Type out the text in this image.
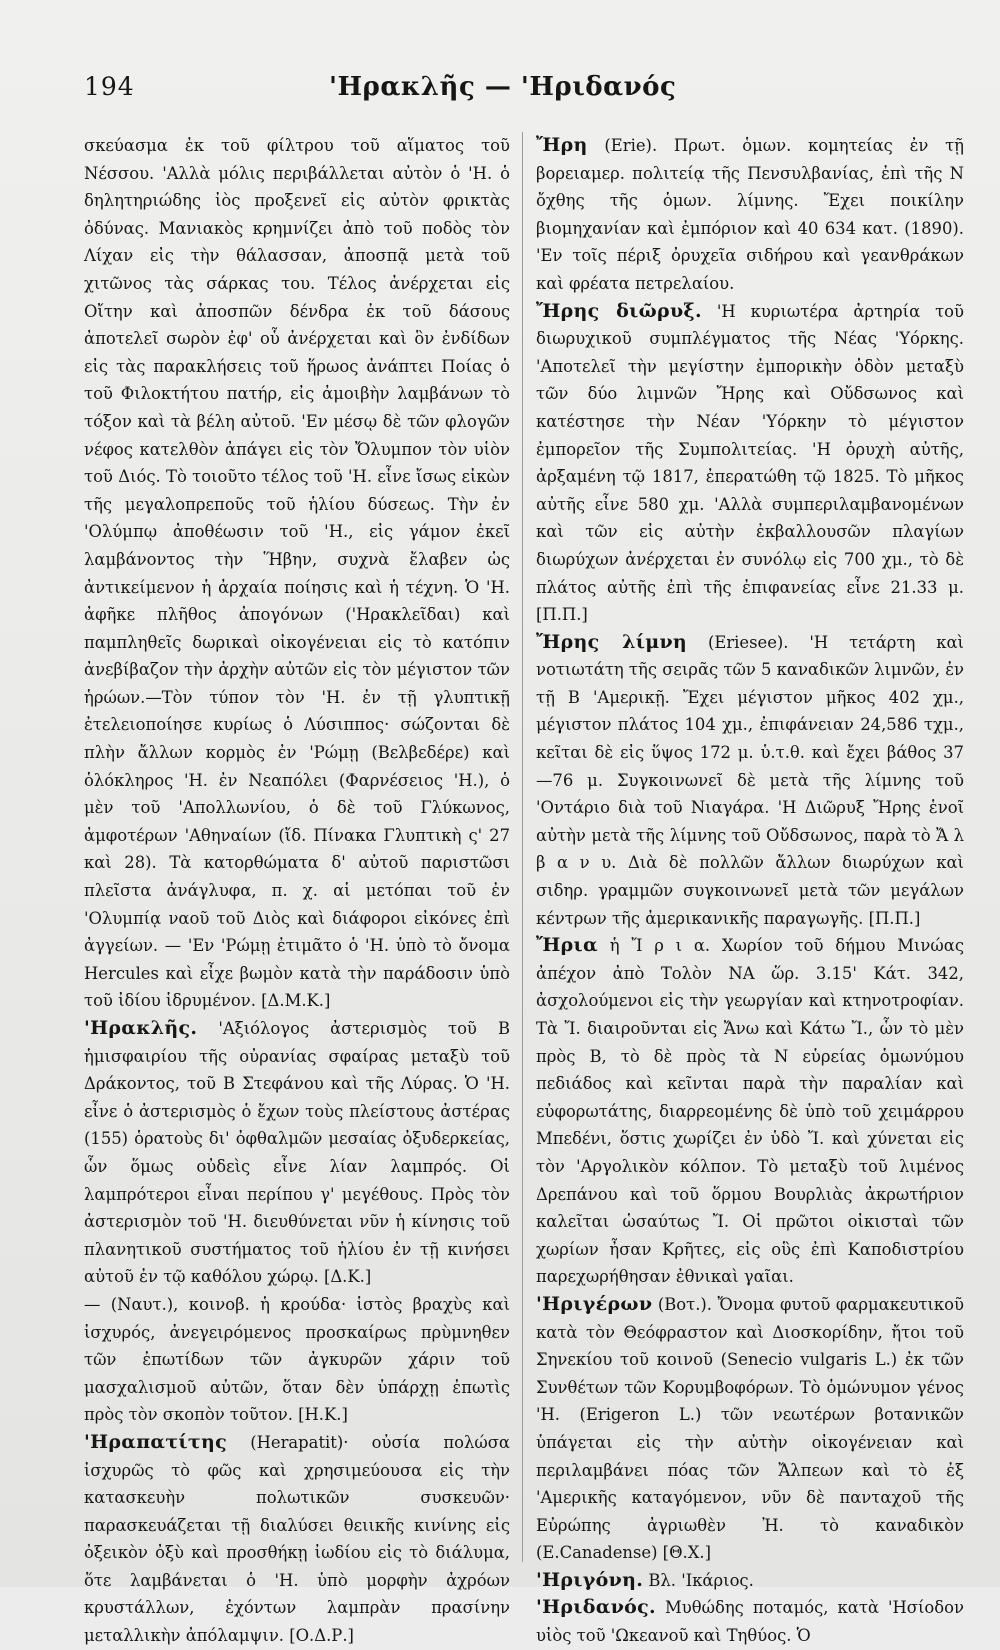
194	'Ηρακλῆς — 'Ηριδανός

σκεύασμα ἐκ τοῦ φίλτρου τοῦ αἵματος τοῦ Νέσσου. 'Αλλὰ μόλις περιβάλλεται αὐτὸν ὁ 'Η. ὁ δηλητηριώδης ἰὸς προξενεῖ εἰς αὐτὸν φρικτὰς ὀδύνας. Μανιακὸς κρημνίζει ἀπὸ τοῦ ποδὸς τὸν Λίχαν εἰς τὴν θάλασσαν, ἀποσπᾷ μετὰ τοῦ χιτῶνος τὰς σάρκας του. Τέλος ἀνέρχεται εἰς Οἴτην καὶ ἀποσπῶν δένδρα ἐκ τοῦ δάσους ἀποτελεῖ σωρὸν ἐφ' οὗ ἀνέρχεται καὶ ὃν ἐνδίδων εἰς τὰς παρακλήσεις τοῦ ἥρωος ἀνάπτει Ποίας ὁ τοῦ Φιλοκτήτου πατήρ, εἰς ἀμοιβὴν λαμβάνων τὸ τόξον καὶ τὰ βέλη αὐτοῦ. 'Εν μέσῳ δὲ τῶν φλογῶν νέφος κατελθὸν ἀπάγει εἰς τὸν Ὄλυμπον τὸν υἱὸν τοῦ Διός. Τὸ τοιοῦτο τέλος τοῦ 'Η. εἶνε ἴσως εἰκὼν τῆς μεγαλοπρεποῦς τοῦ ἡλίου δύσεως. Τὴν ἐν 'Ολύμπῳ ἀποθέωσιν τοῦ 'Η., εἰς γάμον ἐκεῖ λαμβάνοντος τὴν Ἥβην, συχνὰ ἔλαβεν ὡς ἀντικείμενον ἡ ἀρχαία ποίησις καὶ ἡ τέχνη. Ὁ 'Η. ἀφῆκε πλῆθος ἀπογόνων ('Ηρακλεῖδαι) καὶ παμπληθεῖς δωρικαὶ οἰκογένειαι εἰς τὸ κατόπιν ἀνεβίβαζον τὴν ἀρχὴν αὐτῶν εἰς τὸν μέγιστον τῶν ἡρώων.—Τὸν τύπον τὸν 'Η. ἐν τῇ γλυπτικῇ ἐτελειοποίησε κυρίως ὁ Λύσιππος· σώζονται δὲ πλὴν ἄλλων κορμὸς ἐν 'Ρώμῃ (Βελβεδέρε) καὶ ὁλόκληρος 'Η. ἐν Νεαπόλει (Φαρνέσειος 'Η.), ὁ μὲν τοῦ 'Απολλωνίου, ὁ δὲ τοῦ Γλύκωνος, ἀμφοτέρων 'Αθηναίων (ἴδ. Πίνακα Γλυπτικὴ ς' 27 καὶ 28). Τὰ κατορθώματα δ' αὐτοῦ παριστῶσι πλεῖστα ἀνάγλυφα, π. χ. αἱ μετόπαι τοῦ ἐν 'Ολυμπίᾳ ναοῦ τοῦ Διὸς καὶ διάφοροι εἰκόνες ἐπὶ ἀγγείων. — 'Εν 'Ρώμῃ ἐτιμᾶτο ὁ 'Η. ὑπὸ τὸ ὄνομα Hercules καὶ εἶχε βωμὸν κατὰ τὴν παράδοσιν ὑπὸ τοῦ ἰδίου ἱδρυμένον. [Δ.Μ.Κ.]

'Ηρακλῆς. 'Αξιόλογος ἀστερισμὸς τοῦ Β ἡμισφαιρίου τῆς οὐρανίας σφαίρας μεταξὺ τοῦ Δράκοντος, τοῦ Β Στεφάνου καὶ τῆς Λύρας. Ὁ 'Η. εἶνε ὁ ἀστερισμὸς ὁ ἔχων τοὺς πλείστους ἀστέρας (155) ὁρατοὺς δι' ὀφθαλμῶν μεσαίας ὀξυδερκείας, ὧν ὅμως οὐδεὶς εἶνε λίαν λαμπρός. Οἱ λαμπρότεροι εἶναι περίπου γ' μεγέθους. Πρὸς τὸν ἀστερισμὸν τοῦ 'Η. διευθύνεται νῦν ἡ κίνησις τοῦ πλανητικοῦ συστήματος τοῦ ἡλίου ἐν τῇ κινήσει αὐτοῦ ἐν τῷ καθόλου χώρῳ. [Δ.Κ.]

— (Ναυτ.), κοινοβ. ἡ κρούδα· ἱστὸς βραχὺς καὶ ἰσχυρός, ἀνεγειρόμενος προσκαίρως πρὺμνηθεν τῶν ἐπωτίδων τῶν ἀγκυρῶν χάριν τοῦ μασχαλισμοῦ αὐτῶν, ὅταν δὲν ὑπάρχῃ ἐπωτὶς πρὸς τὸν σκοπὸν τοῦτον. [Η.Κ.]

'Ηραπατίτης (Herapatit)· οὐσία πολώσα ἰσχυρῶς τὸ φῶς καὶ χρησιμεύουσα εἰς τὴν κατασκευὴν πολωτικῶν συσκευῶν· παρασκευάζεται τῇ διαλύσει θειικῆς κινίνης εἰς ὀξεικὸν ὀξὺ καὶ προσθήκῃ ἰωδίου εἰς τὸ διάλυμα, ὅτε λαμβάνεται ὁ 'Η. ὑπὸ μορφὴν ἀχρόων κρυστάλλων, ἐχόντων λαμπρὰν πρασίνην μεταλλικὴν ἀπόλαμψιν. [Ο.Δ.Ρ.]

Ἤρη (Erie). Πρωτ. ὁμων. κομητείας ἐν τῇ βορειαμερ. πολιτείᾳ τῆς Πενσυλβανίας, ἐπὶ τῆς Ν ὄχθης τῆς ὁμων. λίμνης. Ἔχει ποικίλην βιομηχανίαν καὶ ἐμπόριον καὶ 40 634 κατ. (1890). 'Εν τοῖς πέριξ ὀρυχεῖα σιδήρου καὶ γεανθράκων καὶ φρέατα πετρελαίου.

Ἤρης διῶρυξ. 'Η κυριωτέρα ἀρτηρία τοῦ διωρυχικοῦ συμπλέγματος τῆς Νέας 'Υόρκης. 'Αποτελεῖ τὴν μεγίστην ἐμπορικὴν ὁδὸν μεταξὺ τῶν δύο λιμνῶν Ἤρης καὶ Οὔδσωνος καὶ κατέστησε τὴν Νέαν 'Υόρκην τὸ μέγιστον ἐμπορεῖον τῆς Συμπολιτείας. 'Η ὀρυχὴ αὐτῆς, ἀρξαμένη τῷ 1817, ἐπερατώθη τῷ 1825. Τὸ μῆκος αὐτῆς εἶνε 580 χμ. 'Αλλὰ συμπεριλαμβανομένων καὶ τῶν εἰς αὐτὴν ἐκβαλλουσῶν πλαγίων διωρύχων ἀνέρχεται ἐν συνόλῳ εἰς 700 χμ., τὸ δὲ πλάτος αὐτῆς ἐπὶ τῆς ἐπιφανείας εἶνε 21.33 μ. [Π.Π.]

Ἤρης λίμνη (Eriesee). 'Η τετάρτη καὶ νοτιωτάτη τῆς σειρᾶς τῶν 5 καναδικῶν λιμνῶν, ἐν τῇ Β 'Αμερικῇ. Ἔχει μέγιστον μῆκος 402 χμ., μέγιστον πλάτος 104 χμ., ἐπιφάνειαν 24,586 τχμ., κεῖται δὲ εἰς ὕψος 172 μ. ὑ.τ.θ. καὶ ἔχει βάθος 37—76 μ. Συγκοινωνεῖ δὲ μετὰ τῆς λίμνης τοῦ 'Οντάριο διὰ τοῦ Νιαγάρα. 'Η Διῶρυξ Ἤρης ἑνοῖ αὐτὴν μετὰ τῆς λίμνης τοῦ Οὔδσωνος, παρὰ τὸ Ἄ λ β α ν υ. Διὰ δὲ πολλῶν ἄλλων διωρύχων καὶ σιδηρ. γραμμῶν συγκοινωνεῖ μετὰ τῶν μεγάλων κέντρων τῆς ἀμερικανικῆς παραγωγῆς. [Π.Π.]

Ἤρια ἡ Ἴ ρ ι α. Χωρίον τοῦ δήμου Μινώας ἀπέχον ἀπὸ Τολὸν ΝΑ ὥρ. 3.15' Κάτ. 342, ἀσχολούμενοι εἰς τὴν γεωργίαν καὶ κτηνοτροφίαν. Τὰ Ἴ. διαιροῦνται εἰς Ἄνω καὶ Κάτω Ἴ., ὧν τὸ μὲν πρὸς Β, τὸ δὲ πρὸς τὰ Ν εὑρείας ὁμωνύμου πεδιάδος καὶ κεῖνται παρὰ τὴν παραλίαν καὶ εὐφορωτάτης, διαρρεομένης δὲ ὑπὸ τοῦ χειμάρρου Μπεδένι, ὅστις χωρίζει ἐν ὑδὸ Ἴ. καὶ χύνεται εἰς τὸν 'Αργολικὸν κόλπον. Τὸ μεταξὺ τοῦ λιμένος Δρεπάνου καὶ τοῦ ὅρμου Βουρλιὰς ἀκρωτήριον καλεῖται ὡσαύτως Ἴ. Οἱ πρῶτοι οἰκισταὶ τῶν χωρίων ἦσαν Κρῆτες, εἰς οὓς ἐπὶ Καποδιστρίου παρεχωρήθησαν ἐθνικαὶ γαῖαι.

'Ηριγέρων (Βοτ.). Ὄνομα φυτοῦ φαρμακευτικοῦ κατὰ τὸν Θεόφραστον καὶ Διοσκορίδην, ἤτοι τοῦ Σηνεκίου τοῦ κοινοῦ (Senecio vulgaris L.) ἐκ τῶν Συνθέτων τῶν Κορυμβοφόρων. Τὸ ὁμώνυμον γένος 'Η. (Erigeron L.) τῶν νεωτέρων βοτανικῶν ὑπάγεται εἰς τὴν αὐτὴν οἰκογένειαν καὶ περιλαμβάνει πόας τῶν Ἄλπεων καὶ τὸ ἐξ 'Αμερικῆς καταγόμενον, νῦν δὲ πανταχοῦ τῆς Εὐρώπης ἀγριωθὲν Ἠ. τὸ καναδικὸν (E.Canadense) [Θ.Χ.]

'Ηριγόνη. Βλ. 'Ικάριος.

'Ηριδανός. Μυθώδης ποταμός, κατὰ 'Ησίοδον υἱὸς τοῦ 'Ωκεανοῦ καὶ Τηθύος. Ὁ
